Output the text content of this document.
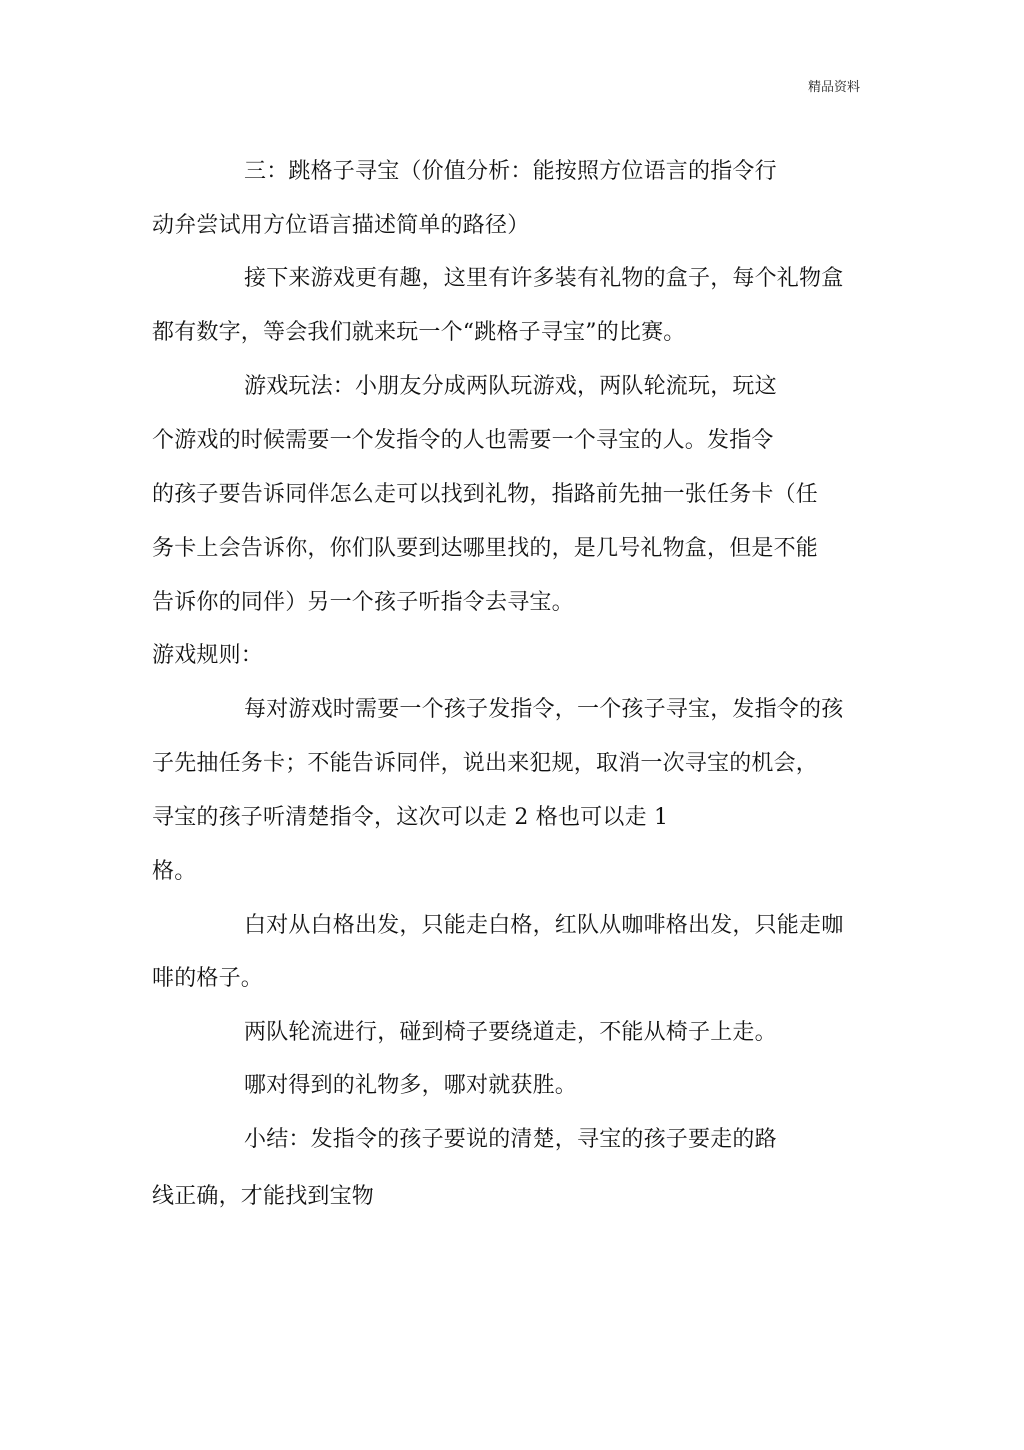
精品资料
三：跳格子寻宝（价值分析：能按照方位语言的指令行
动弁尝试用方位语言描述简单的路径）
接下来游戏更有趣，这里有许多装有礼物的盒子，每个礼物盒
都有数字，等会我们就来玩一个“跳格子寻宝”的比赛。
游戏玩法：小朋友分成两队玩游戏，两队轮流玩，玩这
个游戏的时候需要一个发指令的人也需要一个寻宝的人。发指令
的孩子要告诉同伴怎么走可以找到礼物，指路前先抽一张任务卡（任
务卡上会告诉你，你们队要到达哪里找的，是几号礼物盒，但是不能
告诉你的同伴）另一个孩子听指令去寻宝。
游戏规则：
每对游戏时需要一个孩子发指令，一个孩子寻宝，发指令的孩
子先抽任务卡；不能告诉同伴，说出来犯规，取消一次寻宝的机会，
寻宝的孩子听清楚指令，这次可以走 2 格也可以走 1
格。
白对从白格出发，只能走白格，红队从咖啡格出发，只能走咖
啡的格子。
两队轮流进行，碰到椅子要绕道走，不能从椅子上走。
哪对得到的礼物多，哪对就获胜。
小结：发指令的孩子要说的清楚，寻宝的孩子要走的路
线正确，才能找到宝物
